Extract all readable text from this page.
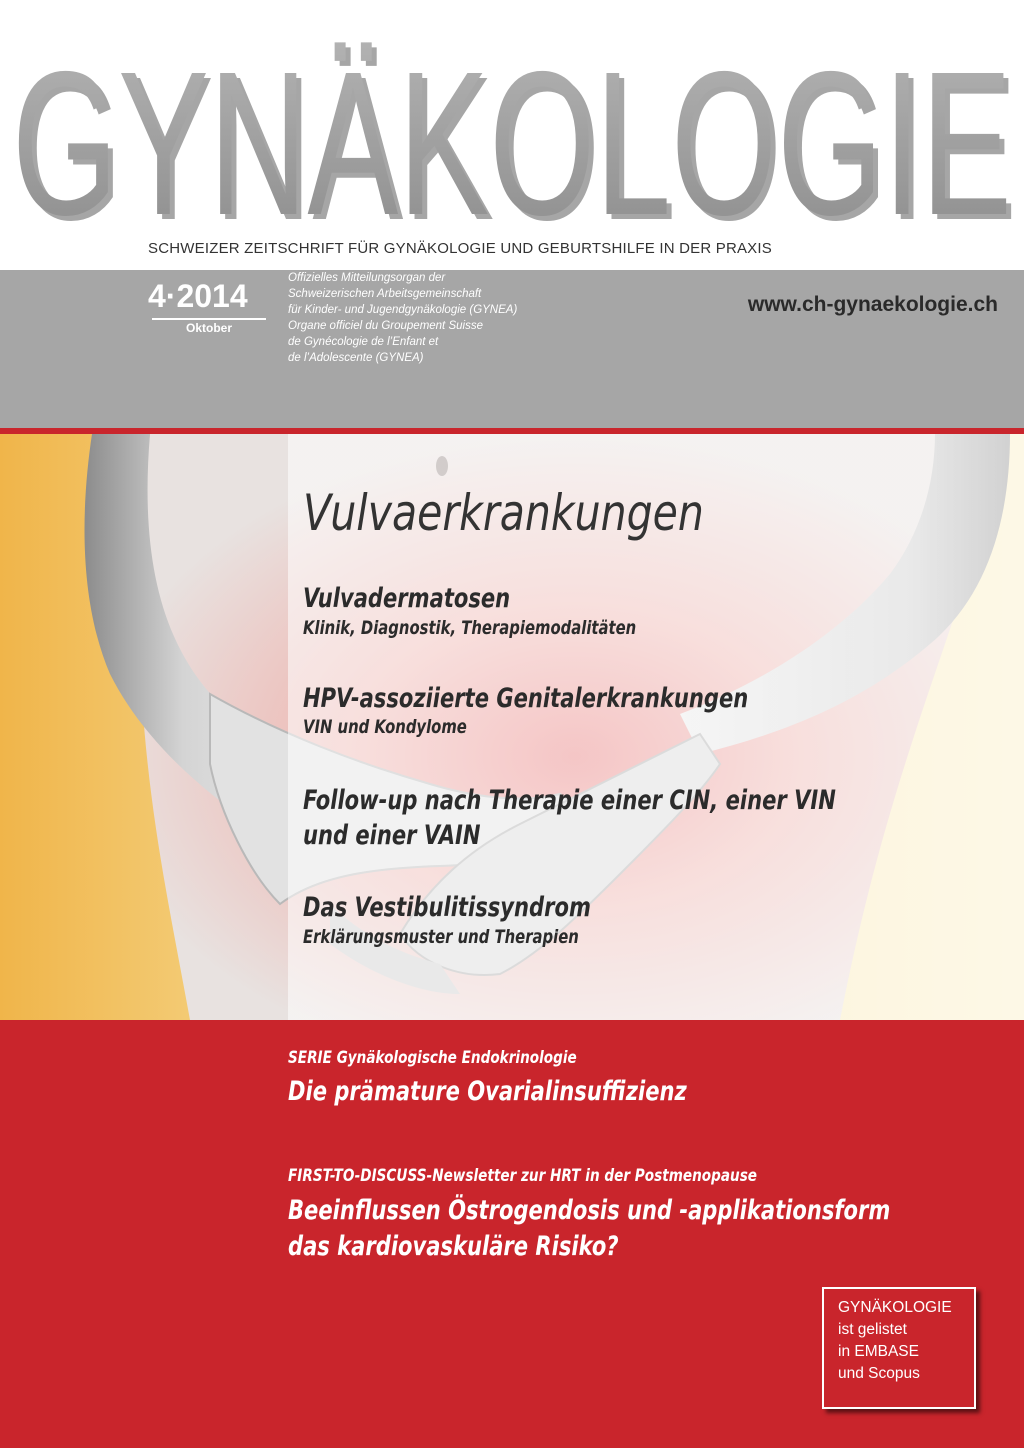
GYNÄKOLOGIE
GYNÄKOLOGIE
SCHWEIZER ZEITSCHRIFT FÜR GYNÄKOLOGIE UND GEBURTSHILFE IN DER PRAXIS
4·2014
Oktober
Offizielles Mitteilungsorgan der
Schweizerischen Arbeitsgemeinschaft
für Kinder- und Jugendgynäkologie (GYNEA)
Organe officiel du Groupement Suisse
de Gynécologie de l’Enfant et
de l’Adolescente (GYNEA)
www.ch-gynaekologie.ch
Vulvaerkrankungen
Vulvadermatosen
Klinik, Diagnostik, Therapiemodalitäten
HPV-assoziierte Genitalerkrankungen
VIN und Kondylome
Follow-up nach Therapie einer CIN, einer VIN
und einer VAIN
Das Vestibulitissyndrom
Erklärungsmuster und Therapien
SERIE Gynäkologische Endokrinologie
Die prämature Ovarialinsuffizienz
FIRST-TO-DISCUSS-Newsletter zur HRT in der Postmenopause
Beeinflussen Östrogendosis und -applikationsform
das kardiovaskuläre Risiko?
GYNÄKOLOGIE
ist gelistet
in EMBASE
und Scopus
